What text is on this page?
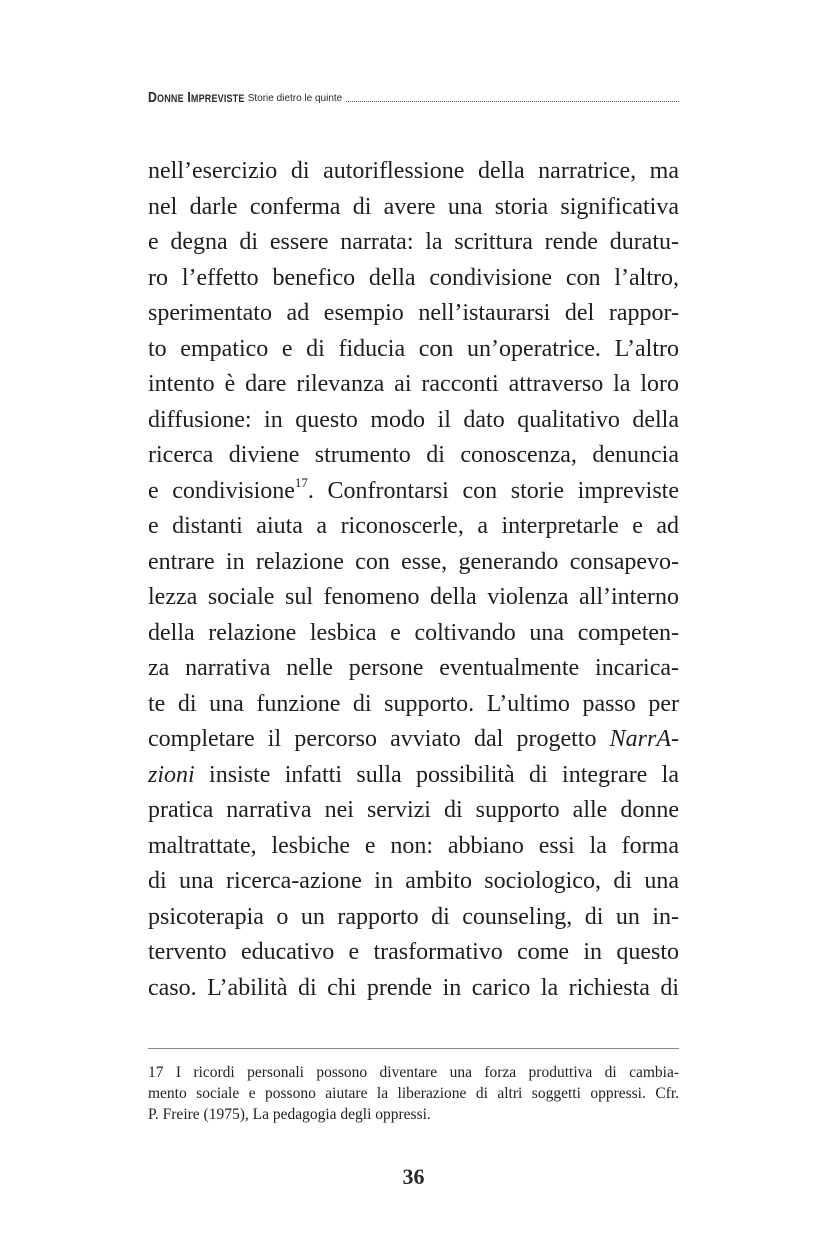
Donne Impreviste Storie dietro le quinte
nell’esercizio di autoriflessione della narratrice, ma
nel darle conferma di avere una storia significativa
e degna di essere narrata: la scrittura rende duratu-
ro l’effetto benefico della condivisione con l’altro,
sperimentato ad esempio nell’istaurarsi del rappor-
to empatico e di fiducia con un’operatrice. L’altro
intento è dare rilevanza ai racconti attraverso la loro
diffusione: in questo modo il dato qualitativo della
ricerca diviene strumento di conoscenza, denuncia
e condivisione$^{17}$. Confrontarsi con storie impreviste
e distanti aiuta a riconoscerle, a interpretarle e ad
entrare in relazione con esse, generando consapevo-
lezza sociale sul fenomeno della violenza all’interno
della relazione lesbica e coltivando una competen-
za narrativa nelle persone eventualmente incarica-
te di una funzione di supporto. L’ultimo passo per
completare il percorso avviato dal progetto NarrA-
zioni insiste infatti sulla possibilità di integrare la
pratica narrativa nei servizi di supporto alle donne
maltrattate, lesbiche e non: abbiano essi la forma
di una ricerca-azione in ambito sociologico, di una
psicoterapia o un rapporto di counseling, di un in-
tervento educativo e trasformativo come in questo
caso. L’abilità di chi prende in carico la richiesta di
17 I ricordi personali possono diventare una forza produttiva di cambia-
mento sociale e possono aiutare la liberazione di altri soggetti oppressi. Cfr.
P. Freire (1975), La pedagogia degli oppressi.
36
